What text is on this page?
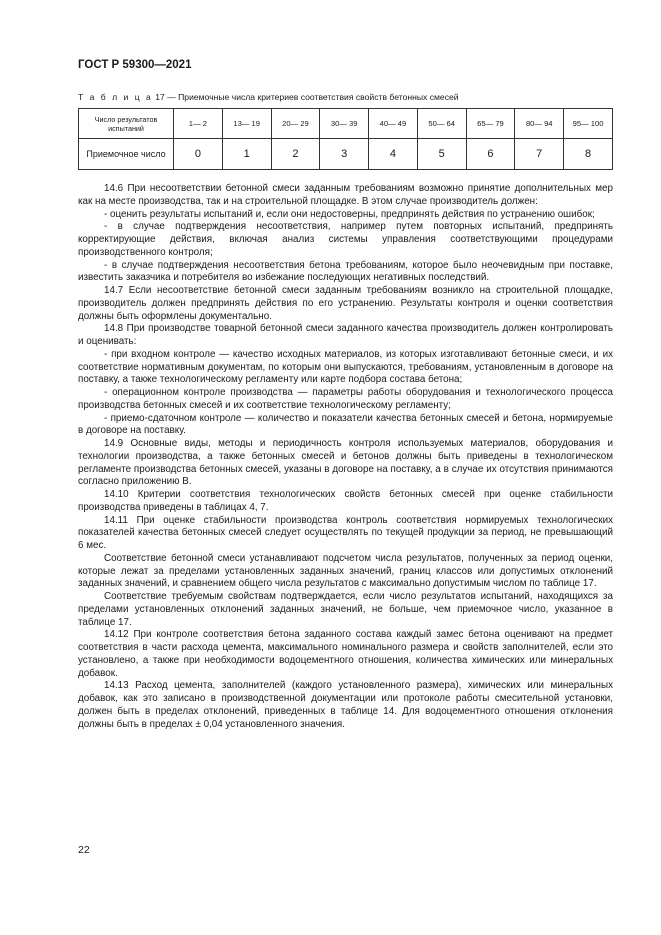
ГОСТ Р 59300—2021
Т а б л и ц а 17 — Приемочные числа критериев соответствия свойств бетонных смесей
Число результатов испытаний	1— 2	13— 19	20— 29	30— 39	40— 49	50— 64	65— 79	80— 94	95— 100
Приемочное число	0	1	2	3	4	5	6	7	8

14.6 При несоответствии бетонной смеси заданным требованиям возможно принятие дополнительных мер как на месте производства, так и на строительной площадке. В этом случае производитель должен:

- оценить результаты испытаний и, если они недостоверны, предпринять действия по устранению ошибок;

- в случае подтверждения несоответствия, например путем повторных испытаний, предпринять корректирующие действия, включая анализ системы управления соответствующими процедурами производственного контроля;

- в случае подтверждения несоответствия бетона требованиям, которое было неочевидным при поставке, известить заказчика и потребителя во избежание последующих негативных последствий.

14.7 Если несоответствие бетонной смеси заданным требованиям возникло на строительной площадке, производитель должен предпринять действия по его устранению. Результаты контроля и оценки соответствия должны быть оформлены документально.

14.8 При производстве товарной бетонной смеси заданного качества производитель должен контролировать и оценивать:

- при входном контроле — качество исходных материалов, из которых изготавливают бетонные смеси, и их соответствие нормативным документам, по которым они выпускаются, требованиям, установленным в договоре на поставку, а также технологическому регламенту или карте подбора состава бетона;

- операционном контроле производства — параметры работы оборудования и технологического процесса производства бетонных смесей и их соответствие технологическому регламенту;

- приемо-сдаточном контроле — количество и показатели качества бетонных смесей и бетона, нормируемые в договоре на поставку.

14.9 Основные виды, методы и периодичность контроля используемых материалов, оборудования и технологии производства, а также бетонных смесей и бетонов должны быть приведены в технологическом регламенте производства бетонных смесей, указаны в договоре на поставку, а в случае их отсутствия принимаются согласно приложению В.

14.10 Критерии соответствия технологических свойств бетонных смесей при оценке стабильности производства приведены в таблицах 4, 7.

14.11 При оценке стабильности производства контроль соответствия нормируемых технологических показателей качества бетонных смесей следует осуществлять по текущей продукции за период, не превышающий 6 мес.

Соответствие бетонной смеси устанавливают подсчетом числа результатов, полученных за период оценки, которые лежат за пределами установленных заданных значений, границ классов или допустимых отклонений заданных значений, и сравнением общего числа результатов с максимально допустимым числом по таблице 17.

Соответствие требуемым свойствам подтверждается, если число результатов испытаний, находящихся за пределами установленных отклонений заданных значений, не больше, чем приемочное число, указанное в таблице 17.

14.12 При контроле соответствия бетона заданного состава каждый замес бетона оценивают на предмет соответствия в части расхода цемента, максимального номинального размера и свойств заполнителей, если это установлено, а также при необходимости водоцементного отношения, количества химических или минеральных добавок.

14.13 Расход цемента, заполнителей (каждого установленного размера), химических или минеральных добавок, как это записано в производственной документации или протоколе работы смесительной установки, должен быть в пределах отклонений, приведенных в таблице 14. Для водоцементного отношения отклонения должны быть в пределах ± 0,04 установленного значения.

22
